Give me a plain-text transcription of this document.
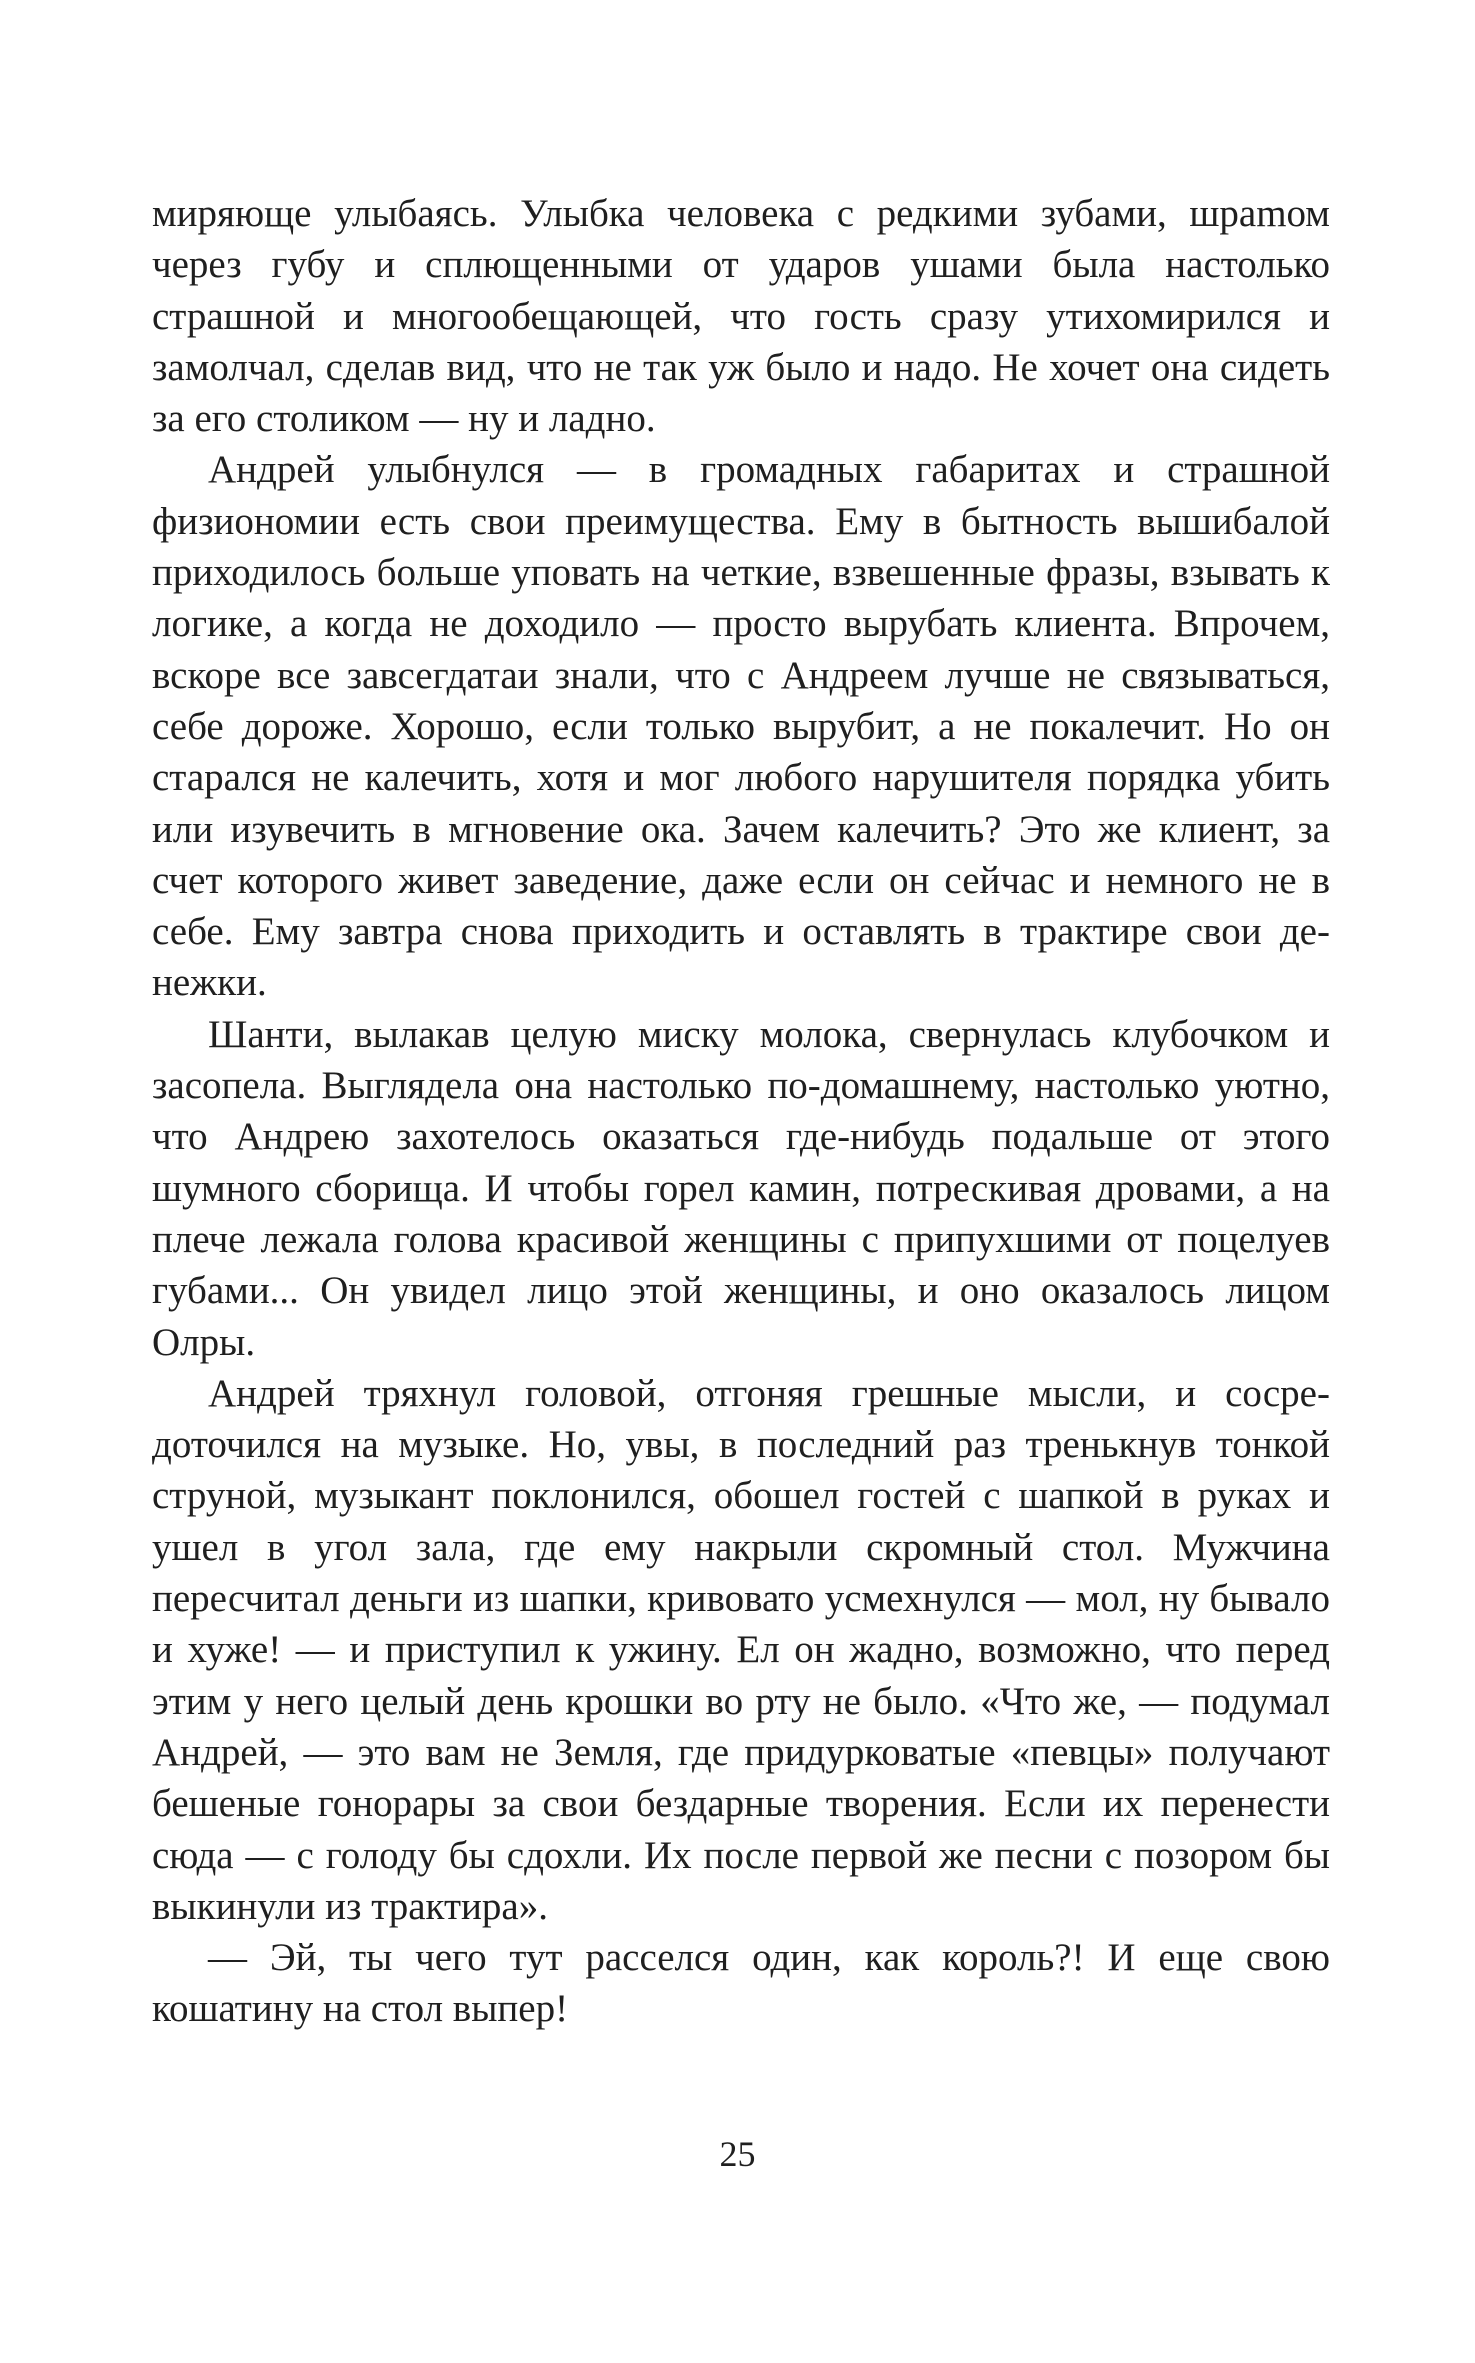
миряюще улыбаясь. Улыбка человека с редкими зубами, шраmом через губу и сплющенными от ударов ушами была настолько страшной и многообещающей, что гость сразу утихомирился и замолчал, сделав вид, что не так уж было и надо. Не хочет она сидеть за его столиком — ну и ладно.

Андрей улыбнулся — в громадных габаритах и страшной физиономии есть свои преимущества. Ему в бытность вышибалой приходилось больше уповать на четкие, взвешенные фразы, взывать к логике, а когда не доходило — просто вырубать клиента. Впрочем, вскоре все завсегдатаи знали, что с Андреем лучше не связываться, себе дороже. Хорошо, если только вырубит, а не покалечит. Но он старался не калечить, хотя и мог любого нарушителя порядка убить или изувечить в мгновение ока. Зачем калечить? Это же клиент, за счет которого живет заведение, даже если он сейчас и немного не в себе. Ему завтра снова приходить и оставлять в трактире свои денежки.

Шанти, вылакав целую миску молока, свернулась клубочком и засопела. Выглядела она настолько по-домашнему, настолько уютно, что Андрею захотелось оказаться где-нибудь подальше от этого шумного сборища. И чтобы горел камин, потрескивая дровами, а на плече лежала голова красивой женщины с припухшими от поцелуев губами... Он увидел лицо этой женщины, и оно оказалось лицом Олры.

Андрей тряхнул головой, отгоняя грешные мысли, и сосредоточился на музыке. Но, увы, в последний раз тренькнув тонкой струной, музыкант поклонился, обошел гостей с шапкой в руках и ушел в угол зала, где ему накрыли скромный стол. Мужчина пересчитал деньги из шапки, кривовато усмехнулся — мол, ну бывало и хуже! — и приступил к ужину. Ел он жадно, возможно, что перед этим у него целый день крошки во рту не было. «Что же, — подумал Андрей, — это вам не Земля, где придурковатые «певцы» получают бешеные гонорары за свои бездарные творения. Если их перенести сюда — с голоду бы сдохли. Их после первой же песни с позором бы выкинули из трактира».

— Эй, ты чего тут расселся один, как король?! И еще свою кошатину на стол выпер!

25
